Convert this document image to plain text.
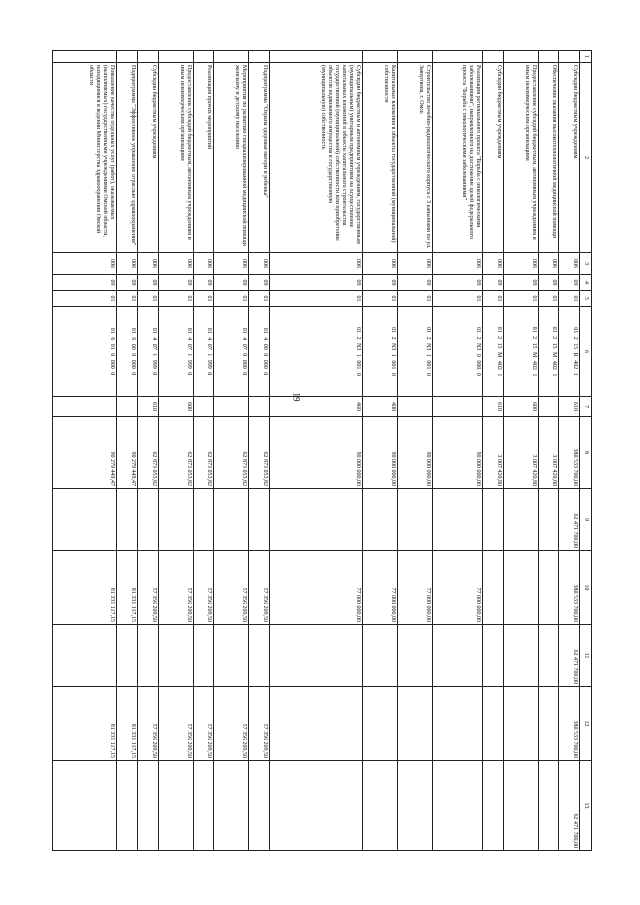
19
1	2	3	4	5	6	7	8	9	10	11	12	13
	Субсидии бюджетным учреждениям	006	09	01	01 2 15 R 402 1	610	380 533 700,00	62 471 700,00	380 533 700,00	62 471 700,00	380 533 700,00	62 471 700,00
	Обеспечение оказания высокотехнологичной медицинской помощи	006	09	01	01 2 15 M 402 1		3 007 420,80					
	Предоставление субсидий бюджетным, автономным учреждениям и иным некоммерческим организациям	006	09	01	01 2 15 M 402 1	600	3 007 420,80					
	Субсидии бюджетным учреждениям	006	09	01	01 2 15 M 402 1	610	3 007 420,80					
	Реализация регионального проекта "Борьба с онкологическими заболеваниями", направленного на достижение целей федерального проекта "Борьба с онкологическими заболеваниями"	006	09	01	01 2 N3 0 000 0		90 000 000,00		77 000 000,00			
	Строительство лечебно-радиологического корпуса с 3 каньонами по ул. Завертяева, г. Омск	006	09	01	01 2 N3 1 001 0		90 000 000,00		77 000 000,00			
	Капитальные вложения в объекты государственной (муниципальной) собственности	006	09	01	01 2 N3 1 001 0	400	90 000 000,00		77 000 000,00			
	Субсидии бюджетным и автономным учреждениям, государственным (муниципальным) унитарным предприятиям на осуществление капитальных вложений в объекты капитального строительства государственной (муниципальной) собственности или приобретение объектов недвижимого имущества в государственную (муниципальную) собственность	006	09	01	01 2 N3 1 001 0	460	90 000 000,00		77 000 000,00			
	Подпрограмма "Охрана здоровья матери и ребенка"	006	09	01	01 4 00 0 000 0		62 873 053,82		57 356 209,50		57 356 209,50	
	Мероприятия по развитию специализированной медицинской помощи женскому и детскому населению	006	09	01	01 4 07 0 000 0		62 873 053,82		57 356 209,50		57 356 209,50	
	Реализация прочих мероприятий	006	09	01	01 4 07 1 999 0		62 873 053,82		57 356 209,50		57 356 209,50	
	Предоставление субсидий бюджетным, автономным учреждениям и иным некоммерческим организациям	006	09	01	01 4 07 1 999 0	600	62 873 053,82		57 356 209,50		57 356 209,50	
	Субсидии бюджетным учреждениям	006	09	01	01 4 07 1 999 0	610	62 873 053,82		57 356 209,50		57 356 209,50	
	Подпрограмма "Эффективное управление отраслью здравоохранения"	006	09	01	01 6 00 0 000 0		90 279 449,47		81 331 117,15		81 331 117,15	
	Повышение качества отдельных услуг (работ), оказываемых (выполняемых) государственными учреждениями Омской области, находящимися в ведении Министерства здравоохранения Омской области	006	09	01	01 6 01 0 000 0		90 279 449,47		81 331 117,15		81 331 117,15	
